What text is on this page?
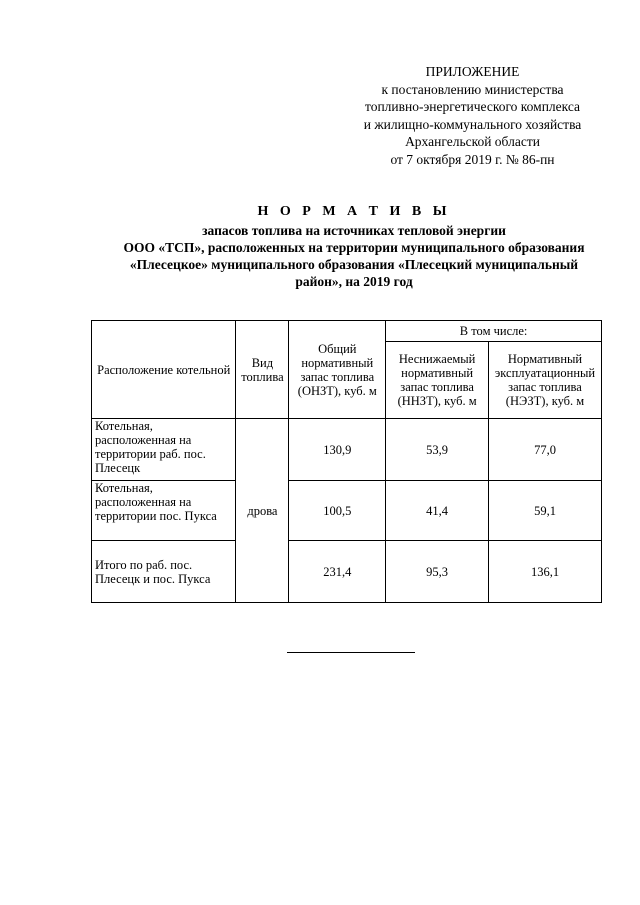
ПРИЛОЖЕНИЕ
к постановлению министерства
топливно-энергетического комплекса
и жилищно-коммунального хозяйства
Архангельской области
от 7 октября 2019 г. № 86-пн
Н О Р М А Т И В Ы
запасов топлива на источниках тепловой энергии
ООО «ТСП», расположенных на территории муниципального образования
«Плесецкое» муниципального образования «Плесецкий муниципальный
район», на 2019 год
Расположение котельной	Вид топлива	Общий нормативный запас топлива (ОНЗТ), куб. м	В том числе:	
			Неснижаемый нормативный запас топлива (ННЗТ), куб. м	Нормативный эксплуатационный запас топлива (НЭЗТ), куб. м
Котельная, расположенная на территории раб. пос. Плесецк	дрова	130,9	53,9	77,0
Котельная, расположенная на территории пос. Пукса		100,5	41,4	59,1
Итого по раб. пос. Плесецк и пос. Пукса		231,4	95,3	136,1
